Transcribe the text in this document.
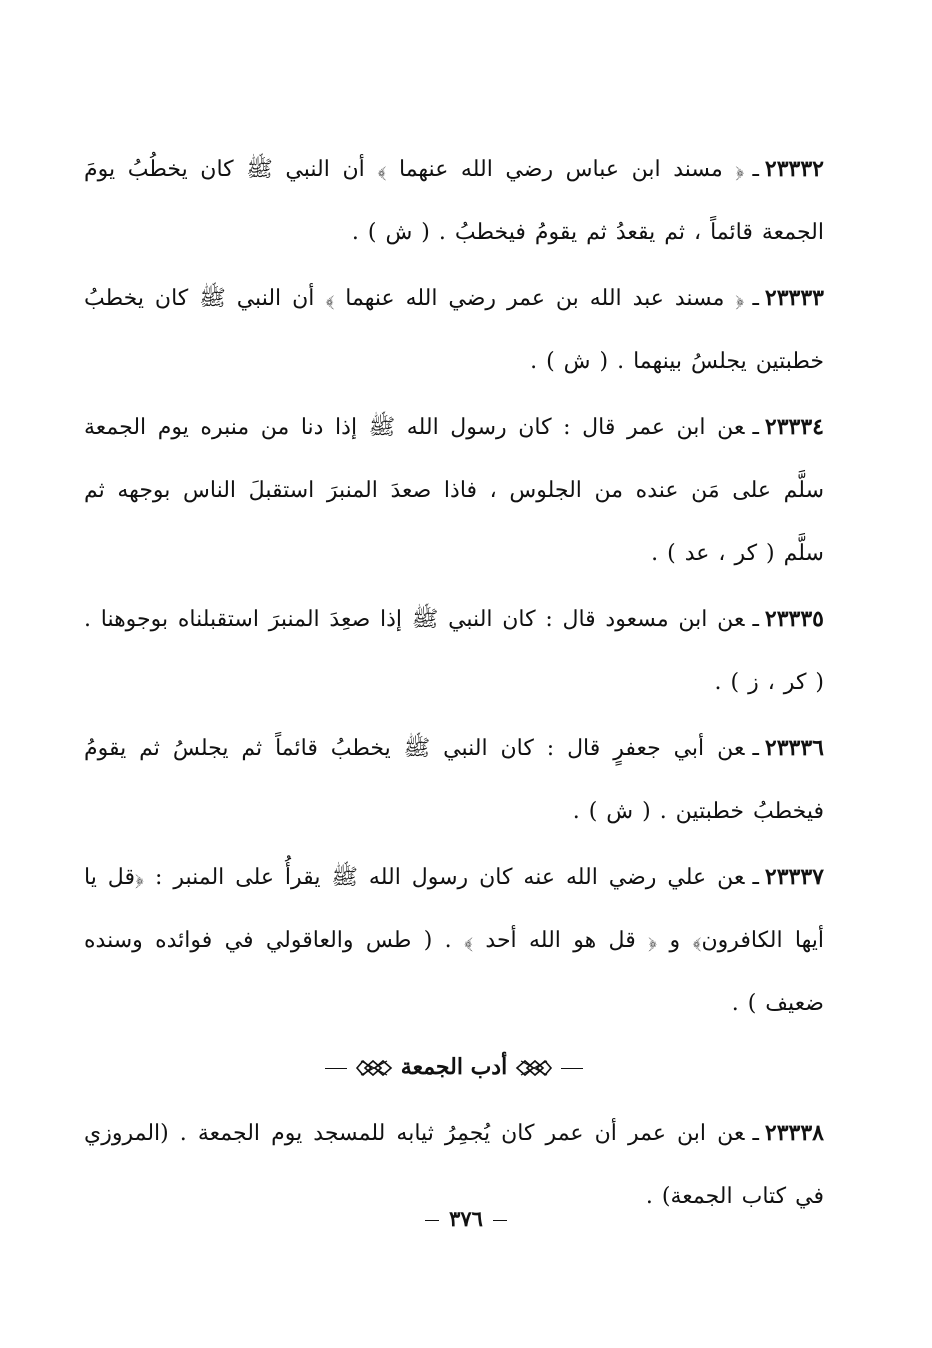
٢٣٣٣٢ـ﴿ مسند ابن عباس رضي الله عنهما ﴾ أن النبي ﷺ كان يخطُبُ يومَ الجمعة قائماً ، ثم يقعدُ ثم يقومُ فيخطبُ . ( ش ) .

٢٣٣٣٣ـ﴿ مسند عبد الله بن عمر رضي الله عنهما ﴾ أن النبي ﷺ كان يخطبُ خطبتين يجلسُ بينهما . ( ش ) .

٢٣٣٣٤ـعن ابن عمر قال : كان رسول الله ﷺ إذا دنا من منبره يوم الجمعة سلَّم على مَن عنده من الجلوس ، فاذا صعدَ المنبرَ استقبلَ الناس بوجهه ثم سلَّم ( كر ، عد ) .

٢٣٣٣٥ـعن ابن مسعود قال : كان النبي ﷺ إذا صعِدَ المنبرَ استقبلناه بوجوهنا . ( كر ، ز ) .

٢٣٣٣٦ـعن أبي جعفرٍ قال : كان النبي ﷺ يخطبُ قائماً ثم يجلسُ ثم يقومُ فيخطبُ خطبتين . ( ش ) .

٢٣٣٣٧ـعن علي رضي الله عنه كان رسول الله ﷺ يقرأُ على المنبر : ﴿قل يا أيها الكافرون﴾ و ﴿ قل هو الله أحد ﴾ . ( طس والعاقولي في فوائده وسنده ضعيف ) .

أدب الجمعة

٢٣٣٣٨ـعن ابن عمر أن عمر كان يُجمِرُ ثيابه للمسجد يوم الجمعة . (المروزي في كتاب الجمعة) .

٣٧٦
